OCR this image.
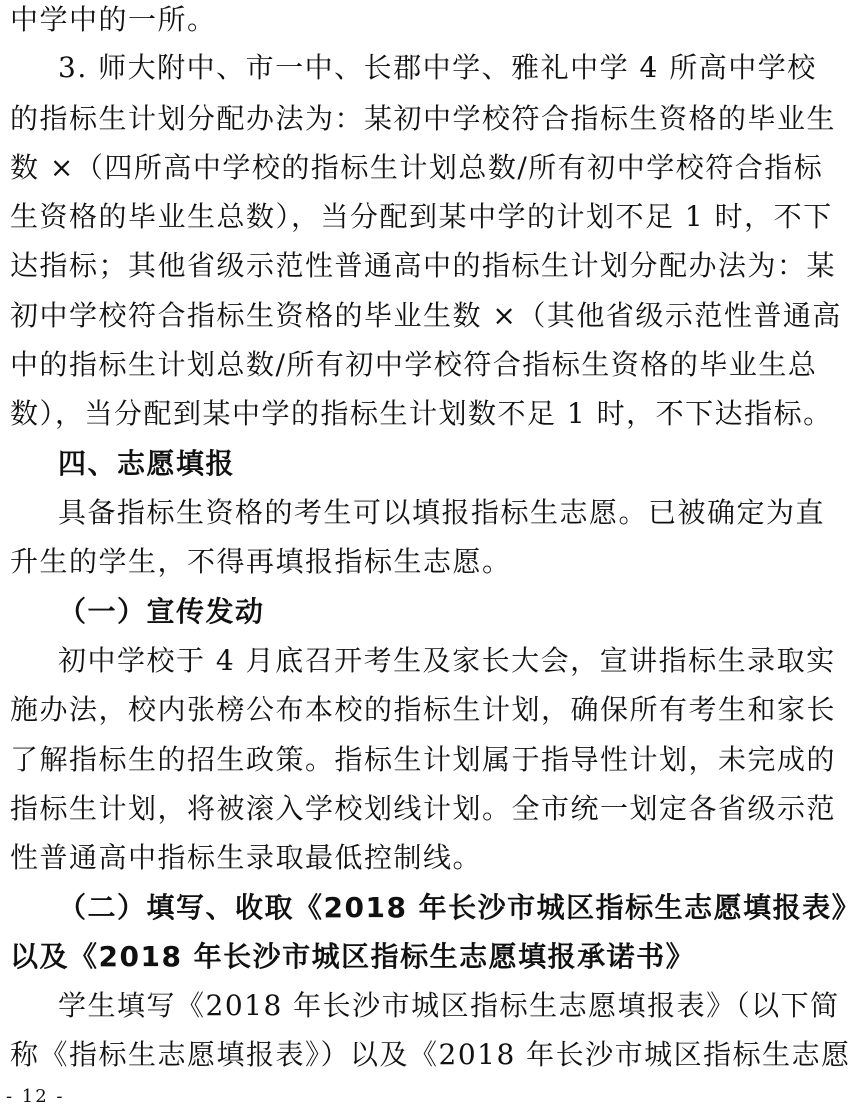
中学中的一所。
3. 师大附中、市一中、长郡中学、雅礼中学 4 所高中学校
的指标生计划分配办法为：某初中学校符合指标生资格的毕业生
数 ×（四所高中学校的指标生计划总数/所有初中学校符合指标
生资格的毕业生总数），当分配到某中学的计划不足 1 时，不下
达指标；其他省级示范性普通高中的指标生计划分配办法为：某
初中学校符合指标生资格的毕业生数 ×（其他省级示范性普通高
中的指标生计划总数/所有初中学校符合指标生资格的毕业生总
数），当分配到某中学的指标生计划数不足 1 时，不下达指标。
四、志愿填报
具备指标生资格的考生可以填报指标生志愿。已被确定为直
升生的学生，不得再填报指标生志愿。
（一）宣传发动
初中学校于 4 月底召开考生及家长大会，宣讲指标生录取实
施办法，校内张榜公布本校的指标生计划，确保所有考生和家长
了解指标生的招生政策。指标生计划属于指导性计划，未完成的
指标生计划，将被滚入学校划线计划。全市统一划定各省级示范
性普通高中指标生录取最低控制线。
（二）填写、收取《2018 年长沙市城区指标生志愿填报表》
以及《2018 年长沙市城区指标生志愿填报承诺书》
学生填写《2018 年长沙市城区指标生志愿填报表》（以下简
称《指标生志愿填报表》）以及《2018 年长沙市城区指标生志愿
- 12 -
